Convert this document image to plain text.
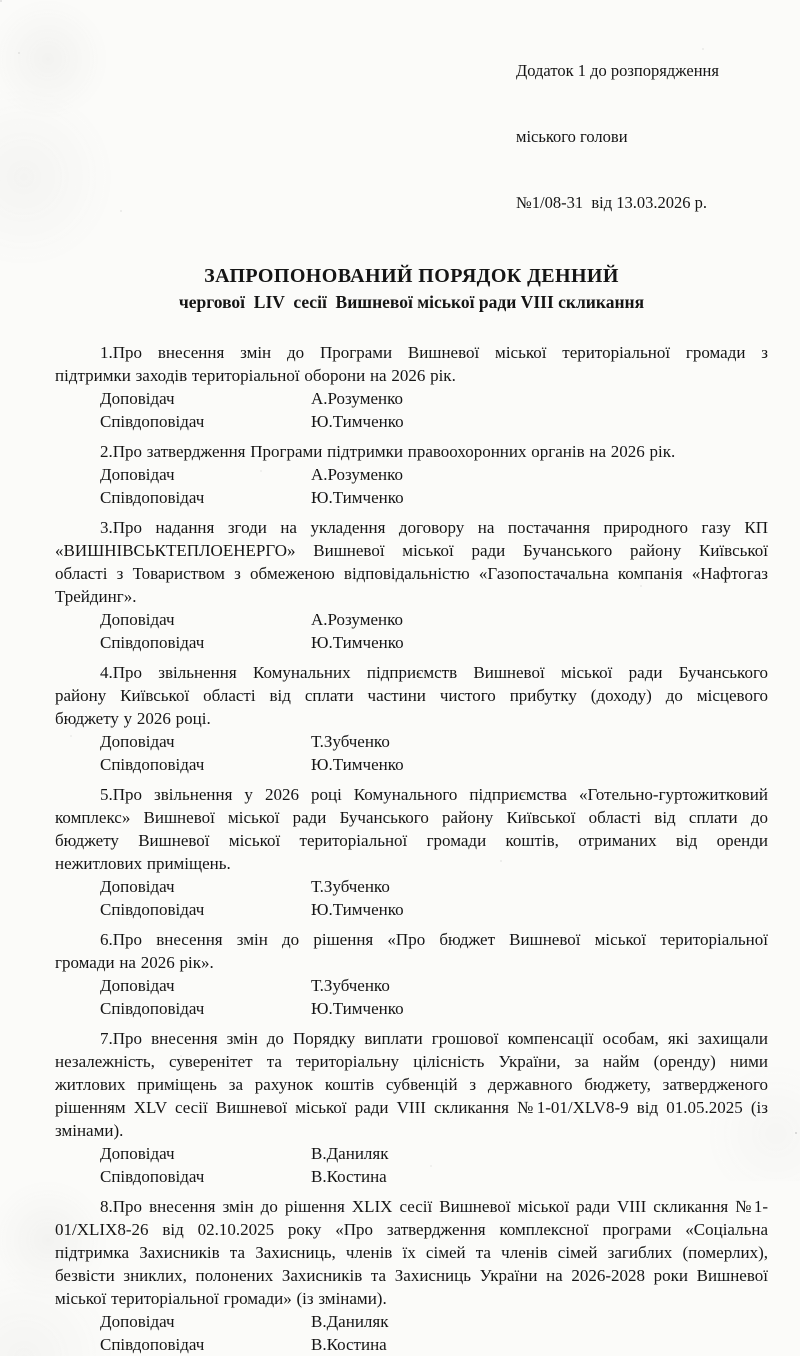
Додаток 1 до розпорядження

міського голови

№1/08-31  від 13.03.2026 р.

ЗАПРОПОНОВАНИЙ ПОРЯДОК ДЕННИЙ
чергової  LIV  сесії  Вишневої міської ради VIII скликання
1.Про внесення змін до Програми Вишневої міської територіальної громади з
підтримки заходів територіальної оборони на 2026 рік.
Доповідач	А.Розуменко
Співдоповідач	Ю.Тимченко
2.Про затвердження Програми підтримки правоохоронних органів на 2026 рік.
Доповідач	А.Розуменко
Співдоповідач	Ю.Тимченко
3.Про надання згоди на укладення договору на постачання природного газу КП
«ВИШНІВСЬКТЕПЛОЕНЕРГО» Вишневої міської ради Бучанського району Київської
області з Товариством з обмеженою відповідальністю «Газопостачальна компанія «Нафтогаз
Трейдинг».
Доповідач	А.Розуменко
Співдоповідач	Ю.Тимченко
4.Про звільнення Комунальних підприємств Вишневої міської ради Бучанського
району Київської області від сплати частини чистого прибутку (доходу) до місцевого
бюджету у 2026 році.
Доповідач	Т.Зубченко
Співдоповідач	Ю.Тимченко
5.Про звільнення у 2026 році Комунального підприємства «Готельно-гуртожитковий
комплекс» Вишневої міської ради Бучанського району Київської області від сплати до
бюджету Вишневої міської територіальної громади коштів, отриманих від оренди
нежитлових приміщень.
Доповідач	Т.Зубченко
Співдоповідач	Ю.Тимченко
6.Про внесення змін до рішення «Про бюджет Вишневої міської територіальної
громади на 2026 рік».
Доповідач	Т.Зубченко
Співдоповідач	Ю.Тимченко
7.Про внесення змін до Порядку виплати грошової компенсації особам, які захищали
незалежність, суверенітет та територіальну цілісність України, за найм (оренду) ними
житлових приміщень за рахунок коштів субвенцій з державного бюджету, затвердженого
рішенням XLV сесії Вишневої міської ради VIII скликання №1-01/XLV8-9 від 01.05.2025 (із
змінами).
Доповідач	В.Даниляк
Співдоповідач	В.Костина
8.Про внесення змін до рішення XLIX сесії Вишневої міської ради VIII скликання №1-
01/XLIX8-26 від 02.10.2025 року «Про затвердження комплексної програми «Соціальна
підтримка Захисників та Захисниць, членів їх сімей та членів сімей загиблих (померлих),
безвісти зниклих, полонених Захисників та Захисниць України на 2026-2028 роки Вишневої
міської територіальної громади» (із змінами).
Доповідач	В.Даниляк
Співдоповідач	В.Костина
